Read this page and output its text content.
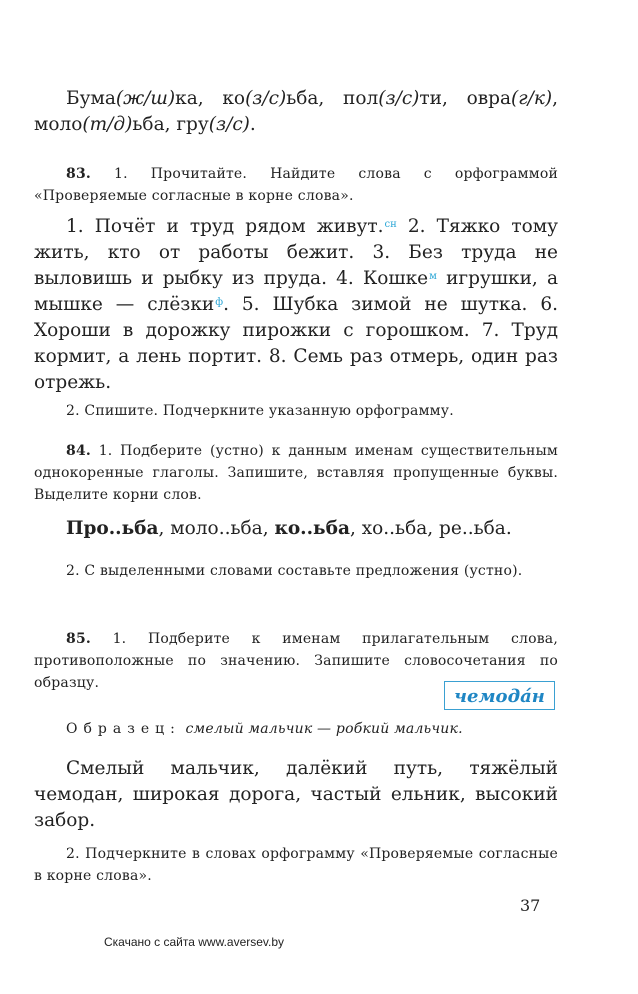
Бума(ж/ш)ка, ко(з/с)ьба, пол(з/с)ти, овра(г/к), моло(т/д)ьба, гру(з/с).

83. 1. Прочитайте. Найдите слова с орфограммой «Проверяемые согласные в корне слова».

1. Почёт и труд рядом живут.$^{сн}$ 2. Тяжко тому жить, кто от работы бежит. 3. Без труда не выловишь и рыбку из пруда. 4. Кошке$^м$ игрушки, а мышке — слёзки$^ф$. 5. Шубка зимой не шутка. 6. Хороши в дорожку пирожки с горошком. 7. Труд кормит, а лень портит. 8. Семь раз отмерь, один раз отрежь.

2. Спишите. Подчеркните указанную орфограмму.

84. 1. Подберите (устно) к данным именам существительным однокоренные глаголы. Запишите, вставляя пропущенные буквы. Выделите корни слов.

Про..ьба, моло..ьба, ко..ьба, хо..ьба, ре..ьба.

2. С выделенными словами составьте предложения (устно).

85. 1. Подберите к именам прилагательным слова, противоположные по значению. Запишите словосочетания по образцу.

чемода́н

Образец: смелый мальчик — робкий мальчик.

Смелый мальчик, далёкий путь, тяжёлый чемодан, широкая дорога, частый ельник, высокий забор.

2. Подчеркните в словах орфограмму «Проверяемые согласные в корне слова».

37
Скачано с сайта www.aversev.by
